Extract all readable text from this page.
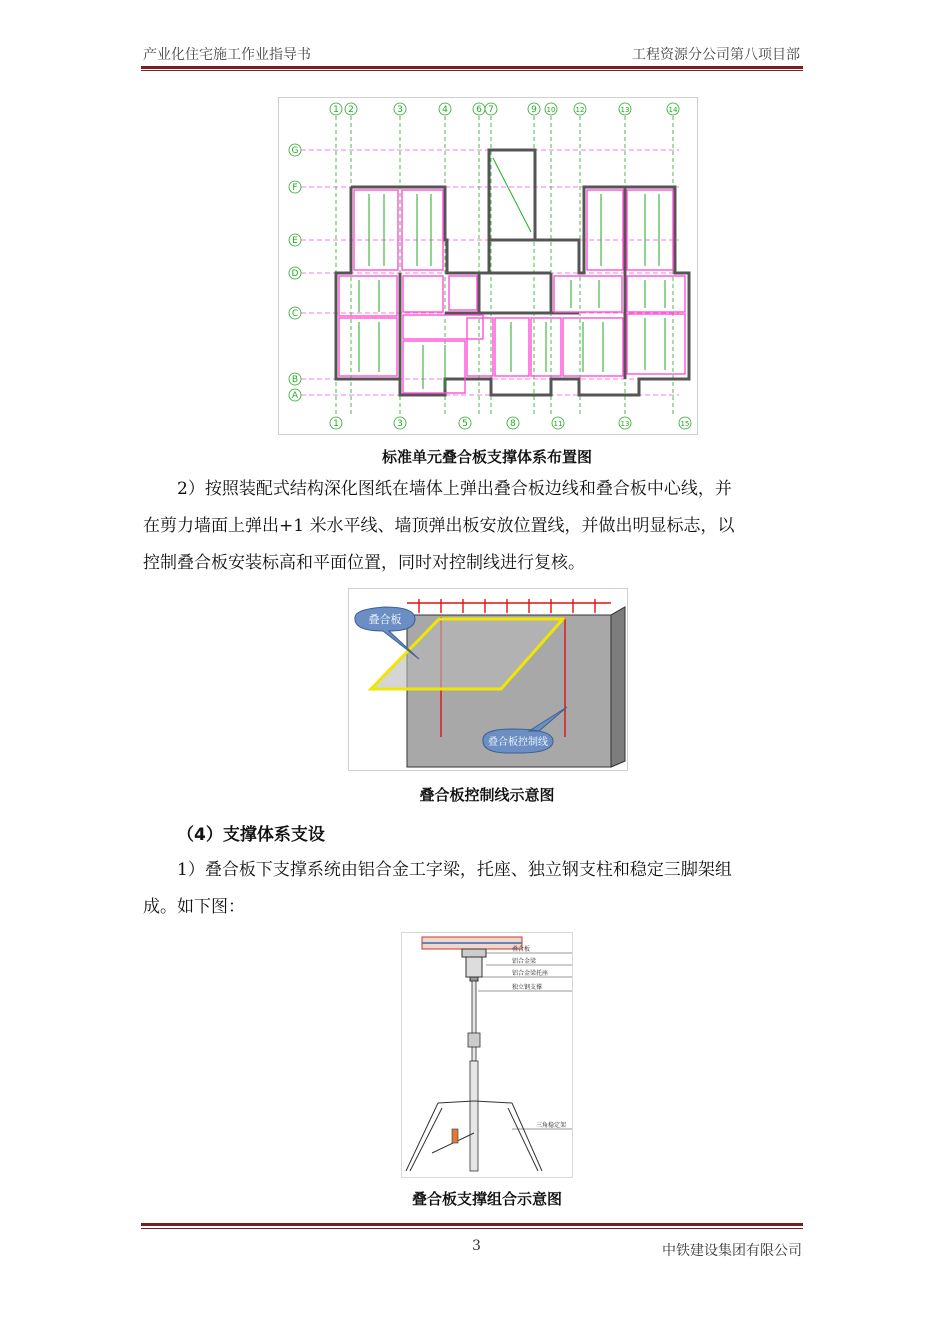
产业化住宅施工作业指导书	工程资源分公司第八项目部
1 2	3	4	6 7	9 10	12	13	14
1	3	5	8	11	13	15
G
F
E
D
C
B
A
标准单元叠合板支撑体系布置图
2）按照装配式结构深化图纸在墙体上弹出叠合板边线和叠合板中心线，并
在剪力墙面上弹出+1 米水平线、墙顶弹出板安放位置线，并做出明显标志，以
控制叠合板安装标高和平面位置，同时对控制线进行复核。
叠合板
叠合板控制线
叠合板控制线示意图
（4）支撑体系支设
1）叠合板下支撑系统由铝合金工字梁，托座、独立钢支柱和稳定三脚架组
成。如下图：
叠合板
铝合金梁
铝合金梁托座
独立钢支撑
三角稳定架
叠合板支撑组合示意图
3	中铁建设集团有限公司
